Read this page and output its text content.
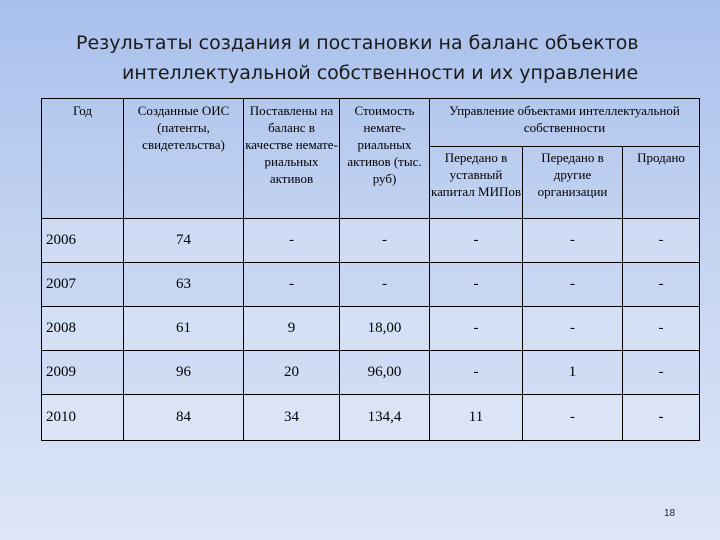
Результаты создания и постановки на баланс объектов
интеллектуальной собственности и их управление
Год	Созданные ОИС (патенты, свидетельства)	Поставлены на баланс в качестве немате-риальных активов	Стоимость немате-риальных активов (тыс. руб)	Управление объектами интеллектуальной собственности		
				Передано в уставный капитал МИПов	Передано в другие организации	Продано
2006	74	-	-	-	-	-
2007	63	-	-	-	-	-
2008	61	9	18,00	-	-	-
2009	96	20	96,00	-	1	-
2010	84	34	134,4	11	-	-
18
